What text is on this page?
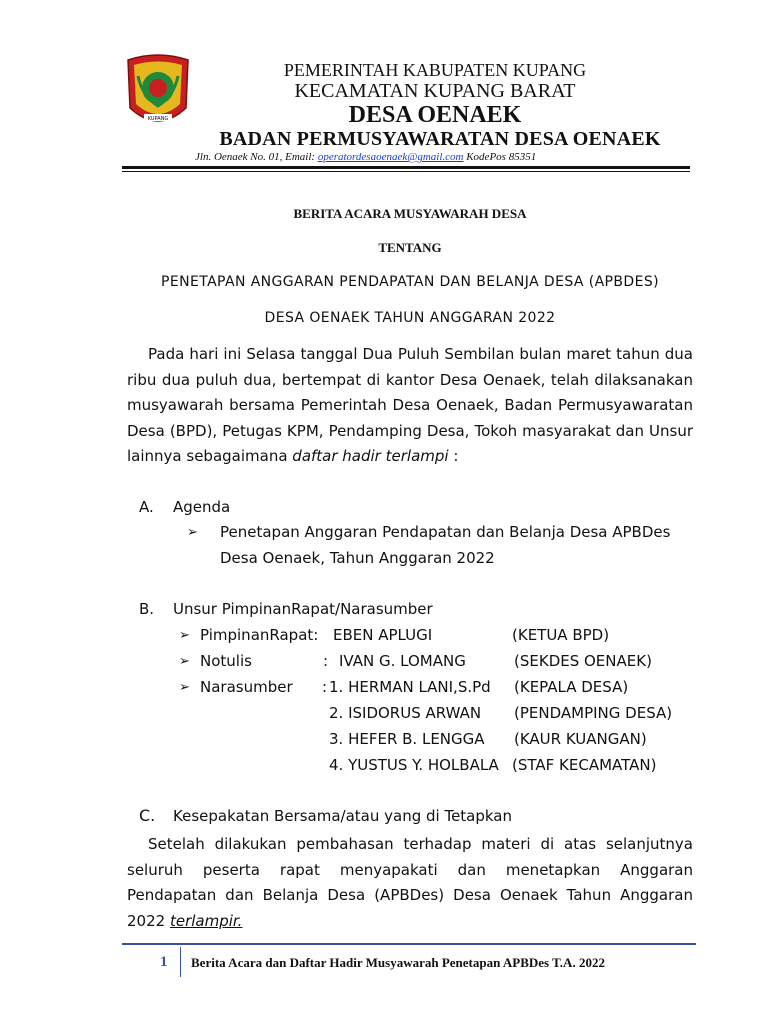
KUPANG
PEMERINTAH KABUPATEN KUPANG
KECAMATAN KUPANG BARAT
DESA OENAEK
BADAN PERMUSYAWARATAN DESA OENAEK
Jln. Oenaek No. 01, Email: operatordesaoenaek@gmail.com KodePos 85351
BERITA ACARA MUSYAWARAH DESA
TENTANG
PENETAPAN ANGGARAN PENDAPATAN DAN BELANJA DESA (APBDES)
DESA OENAEK TAHUN ANGGARAN 2022
Pada hari ini Selasa tanggal Dua Puluh Sembilan bulan maret tahun dua ribu dua puluh dua, bertempat di kantor Desa Oenaek, telah dilaksanakan musyawarah bersama Pemerintah Desa Oenaek, Badan Permusyawaratan Desa (BPD), Petugas KPM, Pendamping Desa, Tokoh masyarakat dan Unsur lainnya sebagaimana daftar hadir terlampi :
A. Agenda
➢ Penetapan Anggaran Pendapatan dan Belanja Desa APBDes
Desa Oenaek, Tahun Anggaran 2022
B. Unsur PimpinanRapat/Narasumber
➢ PimpinanRapat: EBEN APLUGI	(KETUA BPD)
➢ Notulis	: IVAN G. LOMANG	(SEKDES OENAEK)
➢ Narasumber : 1. HERMAN LANI,S.Pd (KEPALA DESA)
2. ISIDORUS ARWAN (PENDAMPING DESA)
3. HEFER B. LENGGA (KAUR KUANGAN)
4. YUSTUS Y. HOLBALA (STAF KECAMATAN)
C. Kesepakatan Bersama/atau yang di Tetapkan
Setelah dilakukan pembahasan terhadap materi di atas selanjutnya seluruh peserta rapat menyapakati dan menetapkan Anggaran Pendapatan dan Belanja Desa (APBDes) Desa Oenaek Tahun Anggaran 2022 terlampir.
1 Berita Acara dan Daftar Hadir Musyawarah Penetapan APBDes T.A. 2022
